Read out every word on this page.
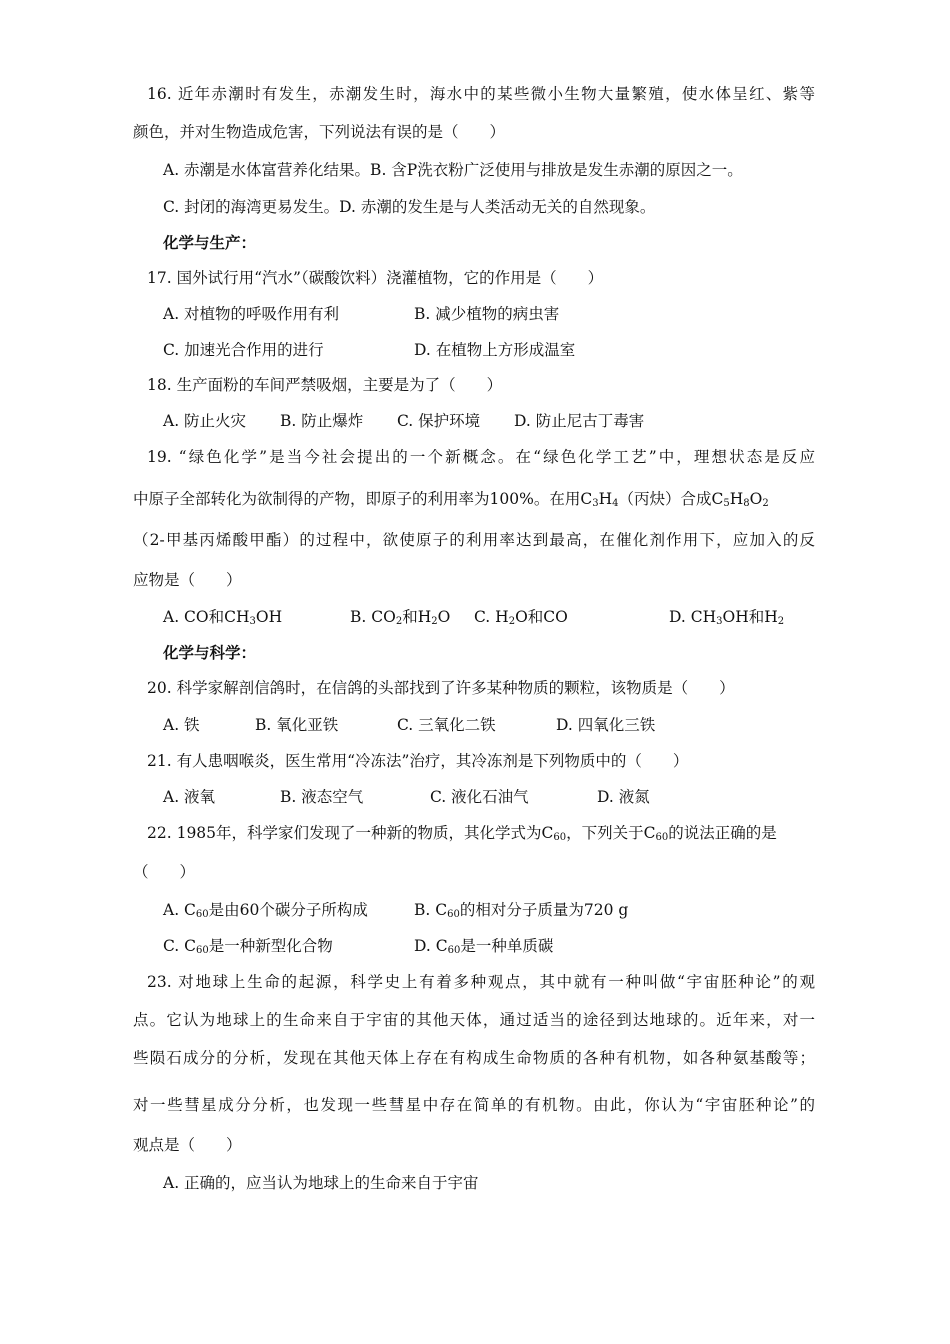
16. 近年赤潮时有发生，赤潮发生时，海水中的某些微小生物大量繁殖，使水体呈红、紫等
颜色，并对生物造成危害，下列说法有误的是（　　）
A. 赤潮是水体富营养化结果。B. 含P洗衣粉广泛使用与排放是发生赤潮的原因之一。
C. 封闭的海湾更易发生。D. 赤潮的发生是与人类活动无关的自然现象。
化学与生产：
17. 国外试行用“汽水”（碳酸饮料）浇灌植物，它的作用是（　　）
A. 对植物的呼吸作用有利	B. 减少植物的病虫害
C. 加速光合作用的进行	D. 在植物上方形成温室
18. 生产面粉的车间严禁吸烟，主要是为了（　　）
A. 防止火灾 B. 防止爆炸 C. 保护环境 D. 防止尼古丁毒害
19. “绿色化学”是当今社会提出的一个新概念。在“绿色化学工艺”中，理想状态是反应
中原子全部转化为欲制得的产物，即原子的利用率为100%。在用$C_3H_4$（丙炔）合成$C_5H_8O_2$
（2-甲基丙烯酸甲酯）的过程中，欲使原子的利用率达到最高，在催化剂作用下，应加入的反
应物是（　　）
A. CO和$CH_3OH$	B. $CO_2$和$H_2O$ C. $H_2O$和CO	D. $CH_3OH$和$H_2$
化学与科学：
20. 科学家解剖信鸽时，在信鸽的头部找到了许多某种物质的颗粒，该物质是（　　）
A. 铁	B. 氧化亚铁	C. 三氧化二铁	D. 四氧化三铁
21. 有人患咽喉炎，医生常用“冷冻法”治疗，其冷冻剂是下列物质中的（　　）
A. 液氧	B. 液态空气	C. 液化石油气	D. 液氮
22. 1985年，科学家们发现了一种新的物质，其化学式为$C_{60}$，下列关于$C_{60}$的说法正确的是
（　　）
A. $C_{60}$是由60个碳分子所构成	B. $C_{60}$的相对分子质量为720 g
C. $C_{60}$是一种新型化合物	D. $C_{60}$是一种单质碳
23. 对地球上生命的起源，科学史上有着多种观点，其中就有一种叫做“宇宙胚种论”的观
点。它认为地球上的生命来自于宇宙的其他天体，通过适当的途径到达地球的。近年来，对一
些陨石成分的分析，发现在其他天体上存在有构成生命物质的各种有机物，如各种氨基酸等；
对一些彗星成分分析，也发现一些彗星中存在简单的有机物。由此，你认为“宇宙胚种论”的
观点是（　　）
A. 正确的，应当认为地球上的生命来自于宇宙
